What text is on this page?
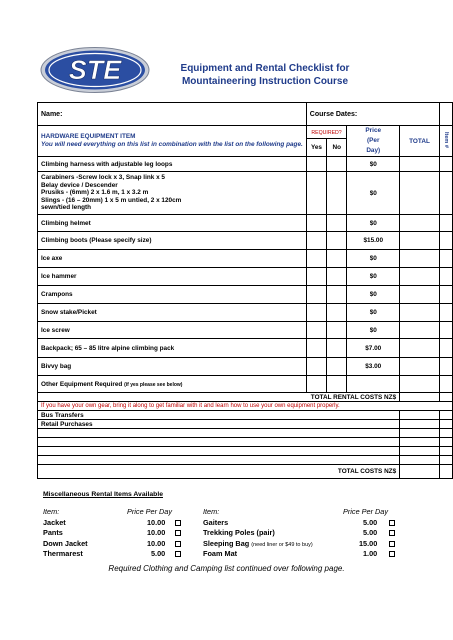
STE	Equipment and Rental Checklist for
Mountaineering Instruction Course
Name:	Course Dates:				

HARDWARE EQUIPMENT ITEM
You will need everything on this list in combination with the list on the following page.	REQUIRED?		Price (Per Day)	TOTAL	Item #
	Yes	No			
Climbing harness with adjustable leg loops			$0		

Carabiners -Screw lock x 3, Snap link x 5
Belay device / Descender
Prusiks - (6mm) 2 x 1.6 m, 1 x 3.2 m
Slings - (16 – 20mm) 1 x 5 m untied, 2 x 120cm
sewn/tied length			$0		
Climbing helmet			$0		
Climbing boots (Please specify size)			$15.00		
Ice axe			$0		
Ice hammer			$0		
Crampons			$0		
Snow stake/Picket			$0		
Ice screw			$0		
Backpack; 65 – 85 litre alpine climbing pack			$7.00		
Bivvy bag			$3.00		
Other Equipment Required (if yes please see below)					
TOTAL RENTAL COSTS NZ$					
If you have your own gear, bring it along to get familiar with it and learn how to use your own equipment properly.					
Bus Transfers					
Retail Purchases					

TOTAL COSTS NZ$					
Miscellaneous Rental Items Available
Item:	Price Per Day
Jacket	10.00
Pants	10.00
Down Jacket	10.00
Thermarest	5.00
Item:	Price Per Day
Gaiters	5.00
Trekking Poles (pair)	5.00
Sleeping Bag (need liner or $49 to buy)	15.00
Foam Mat	1.00
Required Clothing and Camping list continued over following page.
